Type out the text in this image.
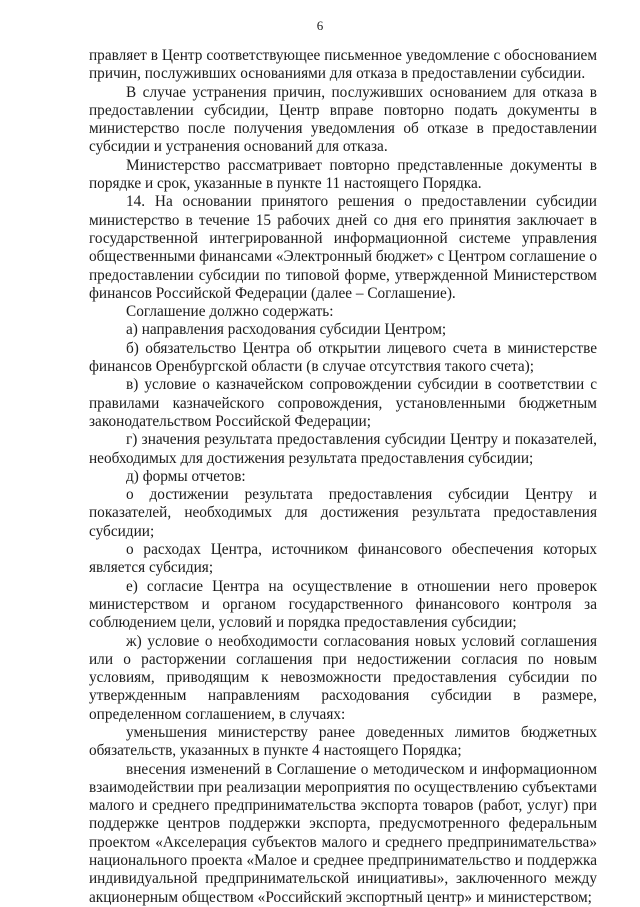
6

правляет в Центр соответствующее письменное уведомление с обоснованием причин, послуживших основаниями для отказа в предоставлении субсидии.

В случае устранения причин, послуживших основанием для отказа в предоставлении субсидии, Центр вправе повторно подать документы в министерство после получения уведомления об отказе в предоставлении субсидии и устранения оснований для отказа.

Министерство рассматривает повторно представленные документы в порядке и срок, указанные в пункте 11 настоящего Порядка.

14. На основании принятого решения о предоставлении субсидии министерство в течение 15 рабочих дней со дня его принятия заключает в государственной интегрированной информационной системе управления общественными финансами «Электронный бюджет» с Центром соглашение о предоставлении субсидии по типовой форме, утвержденной Министерством финансов Российской Федерации (далее – Соглашение).

Соглашение должно содержать:

а) направления расходования субсидии Центром;

б) обязательство Центра об открытии лицевого счета в министерстве финансов Оренбургской области (в случае отсутствия такого счета);

в) условие о казначейском сопровождении субсидии в соответствии с правилами казначейского сопровождения, установленными бюджетным законодательством Российской Федерации;

г) значения результата предоставления субсидии Центру и показателей, необходимых для достижения результата предоставления субсидии;

д) формы отчетов:

о достижении результата предоставления субсидии Центру и показателей, необходимых для достижения результата предоставления субсидии;

о расходах Центра, источником финансового обеспечения которых является субсидия;

е) согласие Центра на осуществление в отношении него проверок министерством и органом государственного финансового контроля за соблюдением цели, условий и порядка предоставления субсидии;

ж) условие о необходимости согласования новых условий соглашения или о расторжении соглашения при недостижении согласия по новым условиям, приводящим к невозможности предоставления субсидии по утвержденным направлениям расходования субсидии в размере, определенном соглашением, в случаях:

уменьшения министерству ранее доведенных лимитов бюджетных обязательств, указанных в пункте 4 настоящего Порядка;

внесения изменений в Соглашение о методическом и информационном взаимодействии при реализации мероприятия по осуществлению субъектами малого и среднего предпринимательства экспорта товаров (работ, услуг) при поддержке центров поддержки экспорта, предусмотренного федеральным проектом «Акселерация субъектов малого и среднего предпринимательства» национального проекта «Малое и среднее предпринимательство и поддержка индивидуальной предпринимательской инициативы», заключенного между акционерным обществом «Российский экспортный центр» и министерством;
